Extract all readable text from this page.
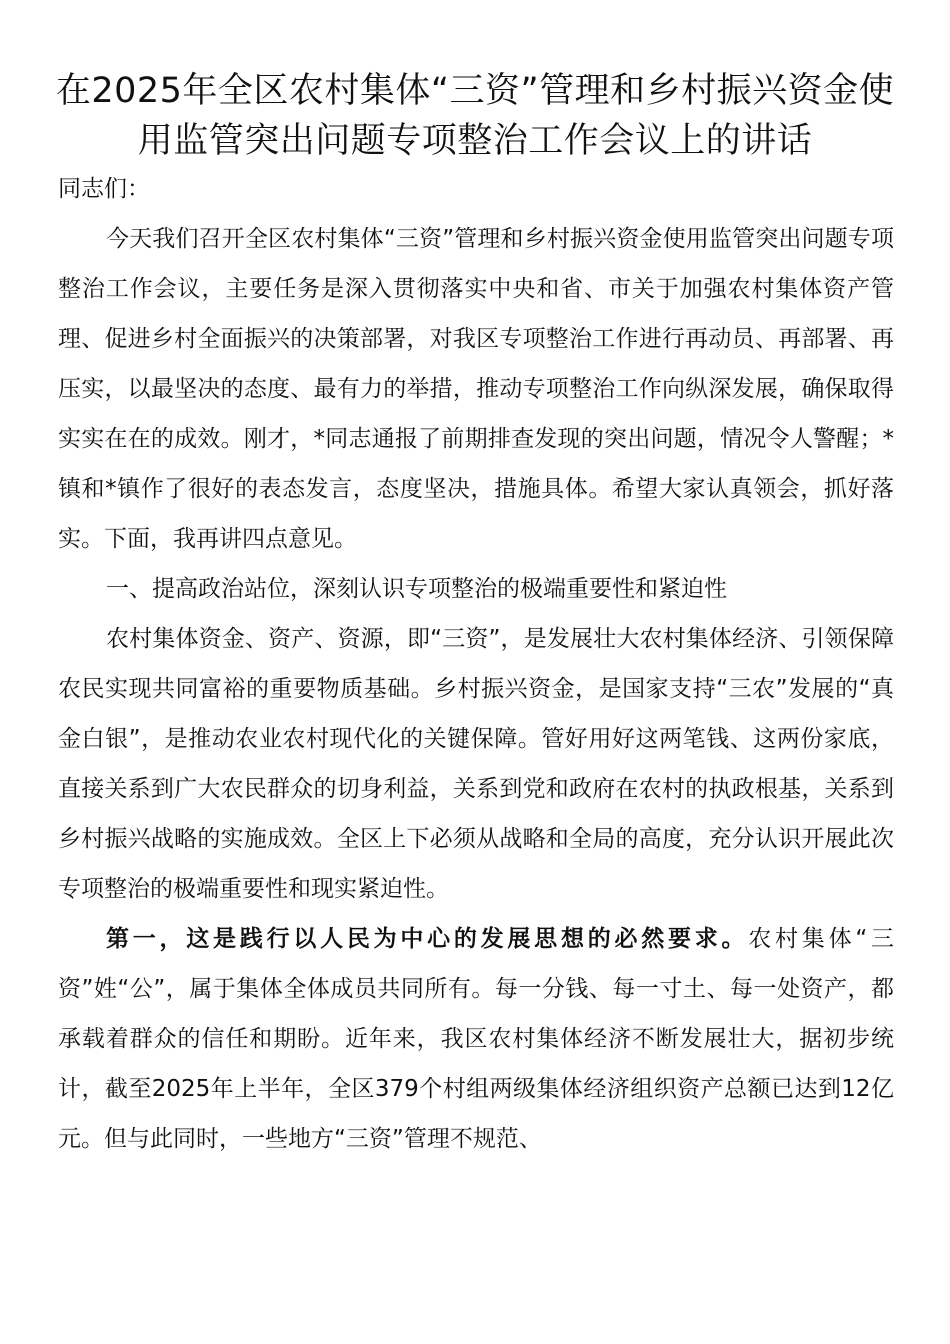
在2025年全区农村集体“三资”管理和乡村振兴资金使用监管突出问题专项整治工作会议上的讲话

同志们：

今天我们召开全区农村集体“三资”管理和乡村振兴资金使用监管突出问题专项整治工作会议，主要任务是深入贯彻落实中央和省、市关于加强农村集体资产管理、促进乡村全面振兴的决策部署，对我区专项整治工作进行再动员、再部署、再压实，以最坚决的态度、最有力的举措，推动专项整治工作向纵深发展，确保取得实实在在的成效。刚才，*同志通报了前期排查发现的突出问题，情况令人警醒；*镇和*镇作了很好的表态发言，态度坚决，措施具体。希望大家认真领会，抓好落实。下面，我再讲四点意见。

一、提高政治站位，深刻认识专项整治的极端重要性和紧迫性

农村集体资金、资产、资源，即“三资”，是发展壮大农村集体经济、引领保障农民实现共同富裕的重要物质基础。乡村振兴资金，是国家支持“三农”发展的“真金白银”，是推动农业农村现代化的关键保障。管好用好这两笔钱、这两份家底，直接关系到广大农民群众的切身利益，关系到党和政府在农村的执政根基，关系到乡村振兴战略的实施成效。全区上下必须从战略和全局的高度，充分认识开展此次专项整治的极端重要性和现实紧迫性。

第一，这是践行以人民为中心的发展思想的必然要求。农村集体“三资”姓“公”，属于集体全体成员共同所有。每一分钱、每一寸土、每一处资产，都承载着群众的信任和期盼。近年来，我区农村集体经济不断发展壮大，据初步统计，截至2025年上半年，全区379个村组两级集体经济组织资产总额已达到12亿元。但与此同时，一些地方“三资”管理不规范、
